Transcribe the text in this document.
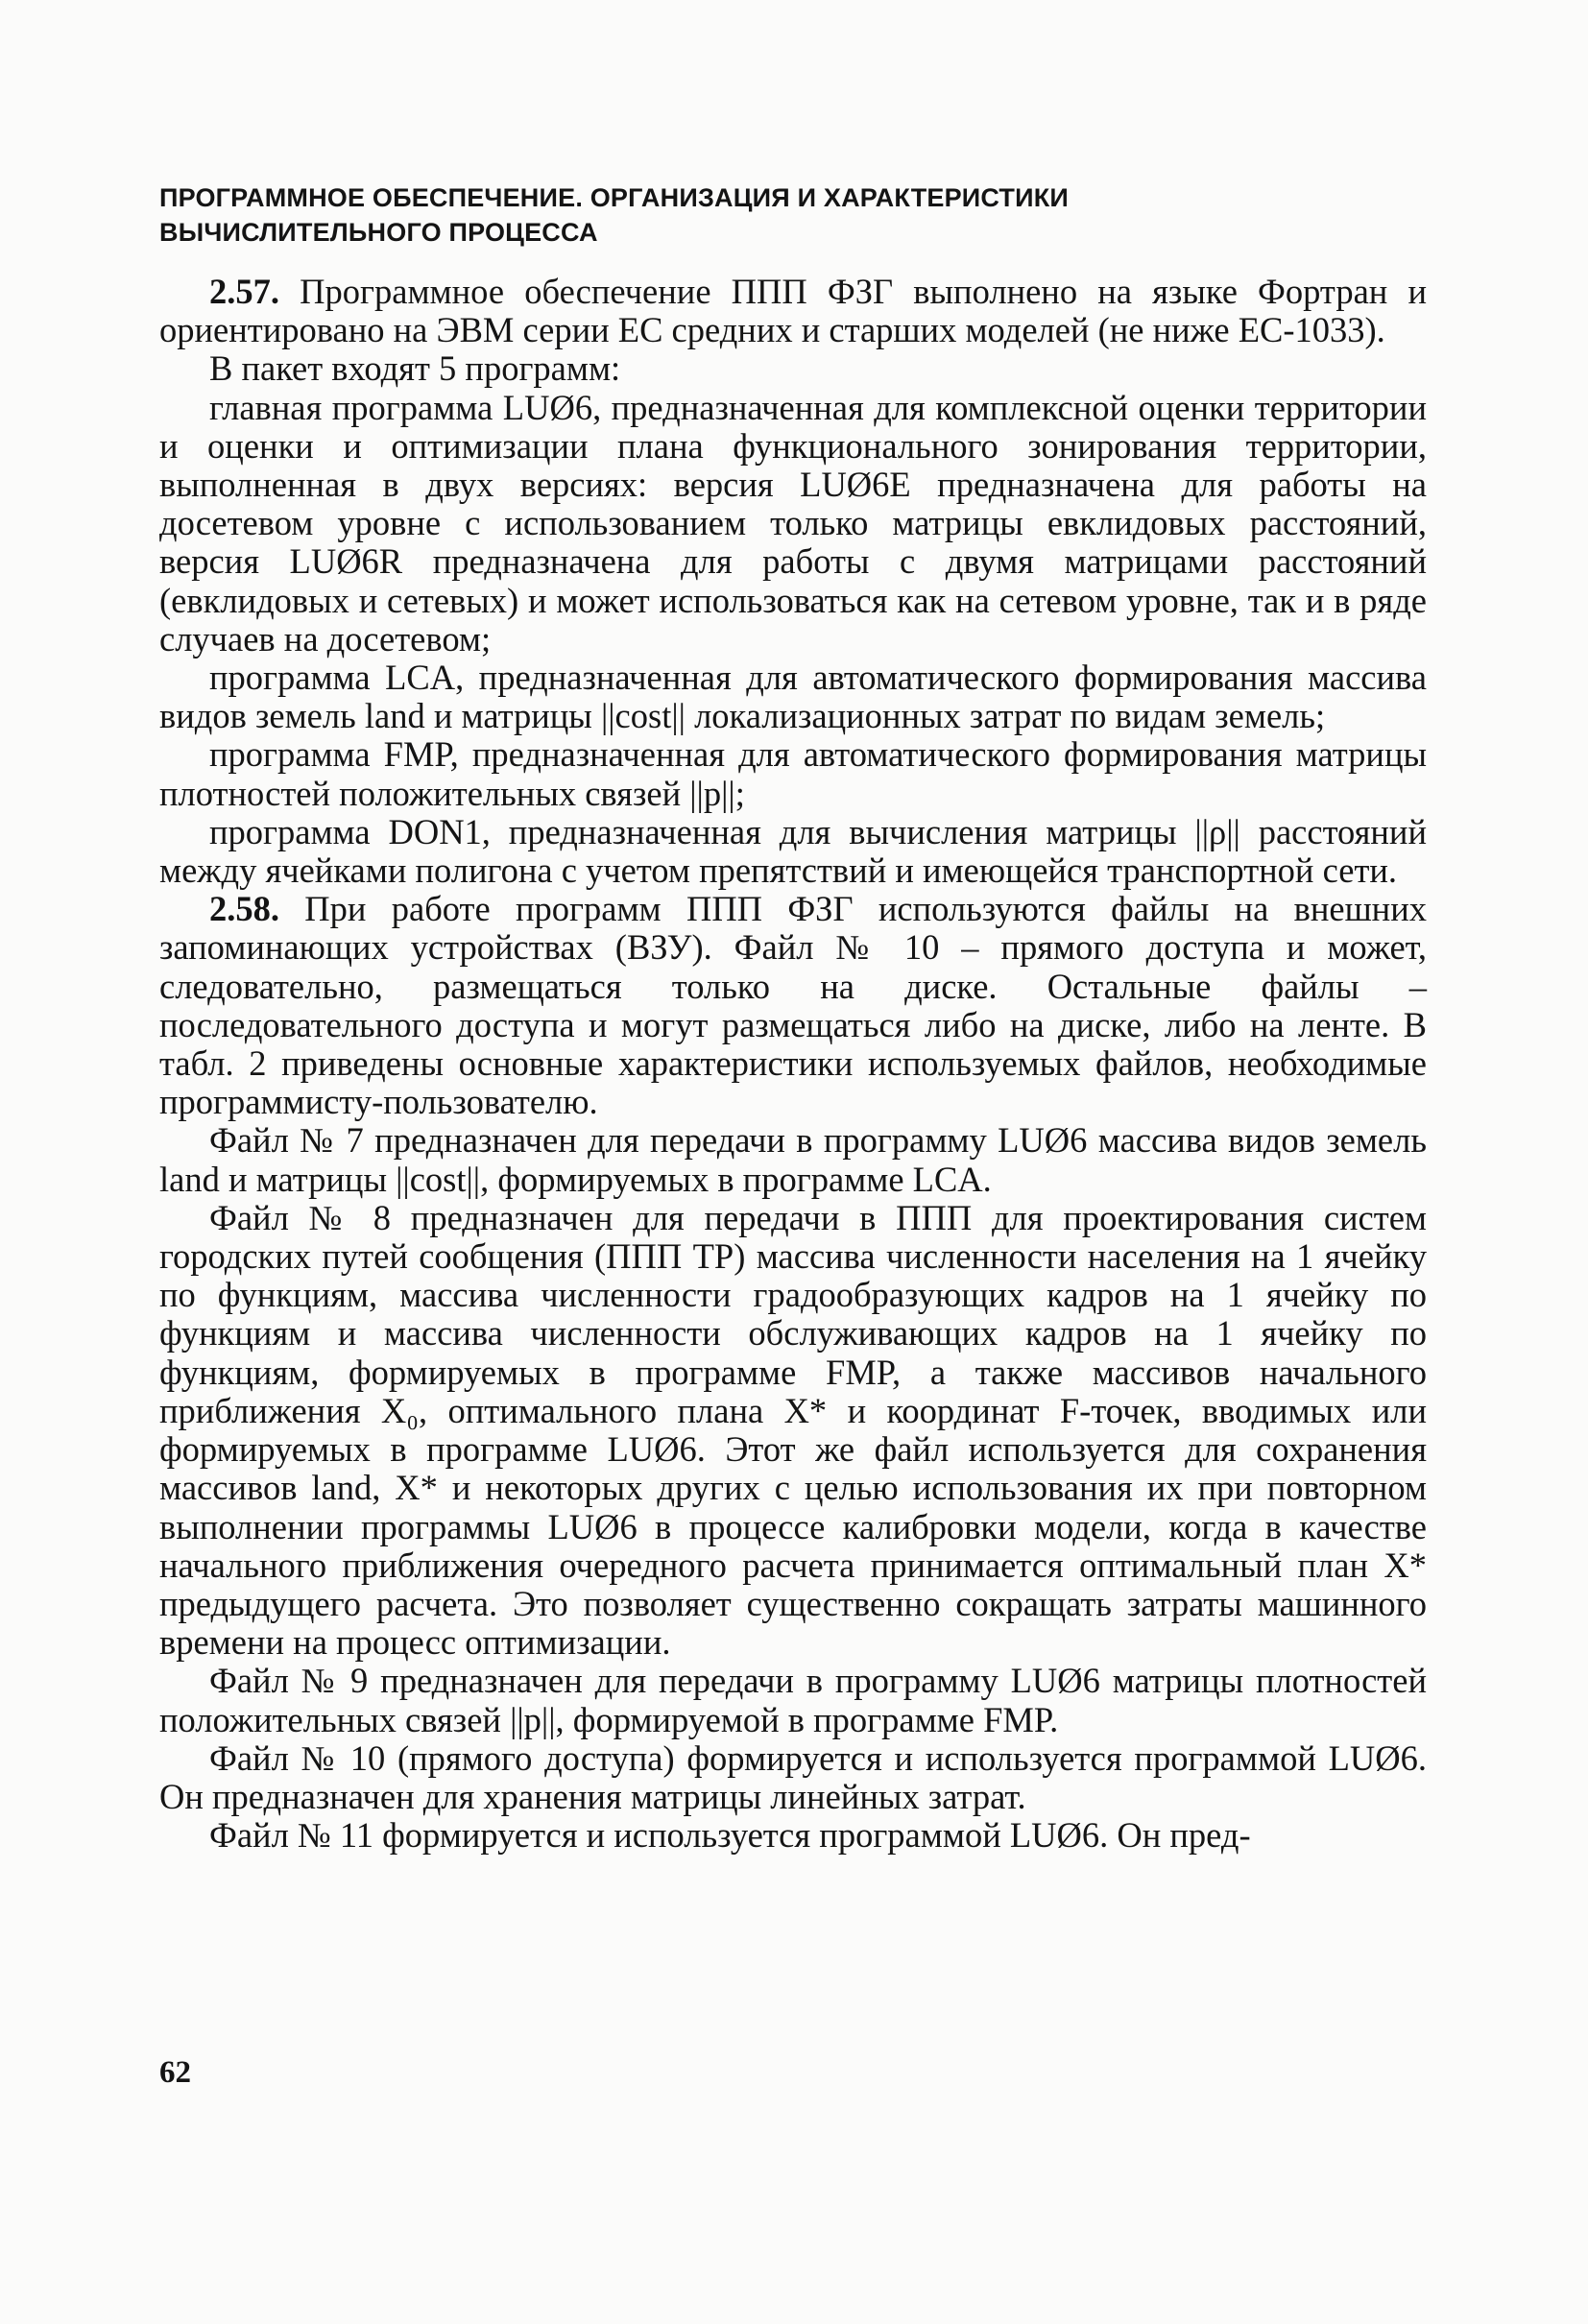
ПРОГРАММНОЕ ОБЕСПЕЧЕНИЕ. ОРГАНИЗАЦИЯ И ХАРАКТЕРИСТИКИ
ВЫЧИСЛИТЕЛЬНОГО ПРОЦЕССА

2.57. Программное обеспечение ППП ФЗГ выполнено на языке Фортран и ориентировано на ЭВМ серии ЕС средних и старших моделей (не ниже ЕС-1033).

В пакет входят 5 программ:

главная программа LUØ6, предназначенная для комплексной оценки территории и оценки и оптимизации плана функционального зонирования территории, выполненная в двух версиях: версия LUØ6E предназначена для работы на досетевом уровне с использованием только матрицы евклидовых расстояний, версия LUØ6R предназначена для работы с двумя матрицами расстояний (евклидовых и сетевых) и может использоваться как на сетевом уровне, так и в ряде случаев на досетевом;

программа LCA, предназначенная для автоматического формирования массива видов земель land и матрицы ||cost|| локализационных затрат по видам земель;

программа FMP, предназначенная для автоматического формирования матрицы плотностей положительных связей ||p||;

программа DON1, предназначенная для вычисления матрицы ||ρ|| расстояний между ячейками полигона с учетом препятствий и имеющейся транспортной сети.

2.58. При работе программ ППП ФЗГ используются файлы на внешних запоминающих устройствах (ВЗУ). Файл № 10 – прямого доступа и может, следовательно, размещаться только на диске. Остальные файлы – последовательного доступа и могут размещаться либо на диске, либо на ленте. В табл. 2 приведены основные характеристики используемых файлов, необходимые программисту-пользователю.

Файл № 7 предназначен для передачи в программу LUØ6 массива видов земель land и матрицы ||cost||, формируемых в программе LCA.

Файл № 8 предназначен для передачи в ППП для проектирования систем городских путей сообщения (ППП ТР) массива численности населения на 1 ячейку по функциям, массива численности градообразующих кадров на 1 ячейку по функциям и массива численности обслуживающих кадров на 1 ячейку по функциям, формируемых в программе FMP, а также массивов начального приближения X₀, оптимального плана X* и координат F-точек, вводимых или формируемых в программе LUØ6. Этот же файл используется для сохранения массивов land, X* и некоторых других с целью использования их при повторном выполнении программы LUØ6 в процессе калибровки модели, когда в качестве начального приближения очередного расчета принимается оптимальный план X* предыдущего расчета. Это позволяет существенно сокращать затраты машинного времени на процесс оптимизации.

Файл № 9 предназначен для передачи в программу LUØ6 матрицы плотностей положительных связей ||p||, формируемой в программе FMP.

Файл № 10 (прямого доступа) формируется и используется программой LUØ6. Он предназначен для хранения матрицы линейных затрат.

Файл № 11 формируется и используется программой LUØ6. Он пред-

62
